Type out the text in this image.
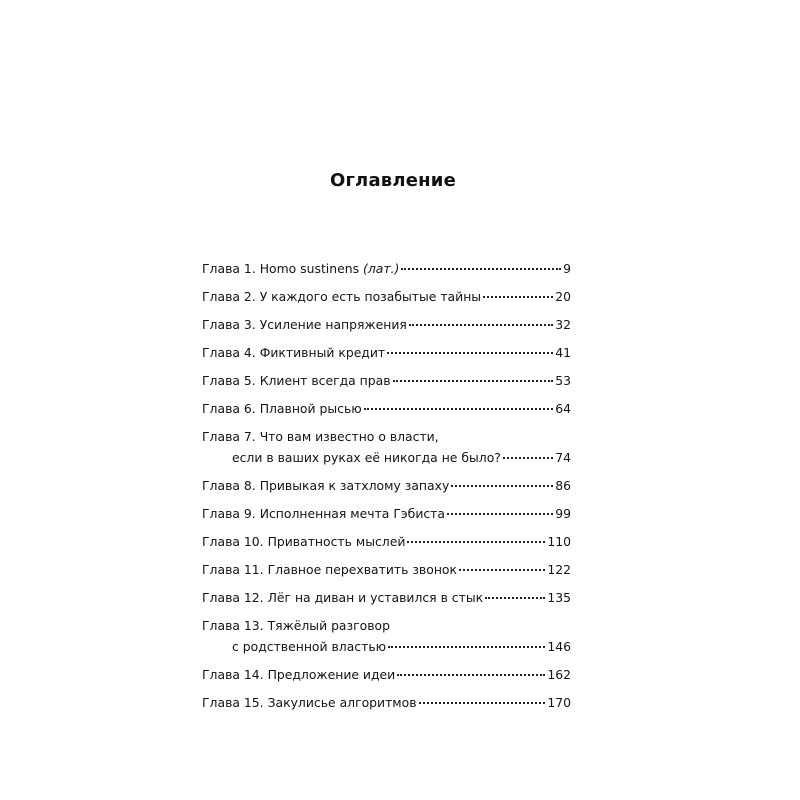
Оглавление
Глава 1. Homo sustinens (лат.)	9
Глава 2. У каждого есть позабытые тайны	20
Глава 3. Усиление напряжения	32
Глава 4. Фиктивный кредит	41
Глава 5. Клиент всегда прав	53
Глава 6. Плавной рысью	64
Глава 7. Что вам известно о власти,
если в ваших руках её никогда не было?	74
Глава 8. Привыкая к затхлому запаху	86
Глава 9. Исполненная мечта Гэбиста	99
Глава 10. Приватность мыслей	110
Глава 11. Главное перехватить звонок	122
Глава 12. Лёг на диван и уставился в стык	135
Глава 13. Тяжёлый разговор
с родственной властью	146
Глава 14. Предложение идеи	162
Глава 15. Закулисье алгоритмов	170
